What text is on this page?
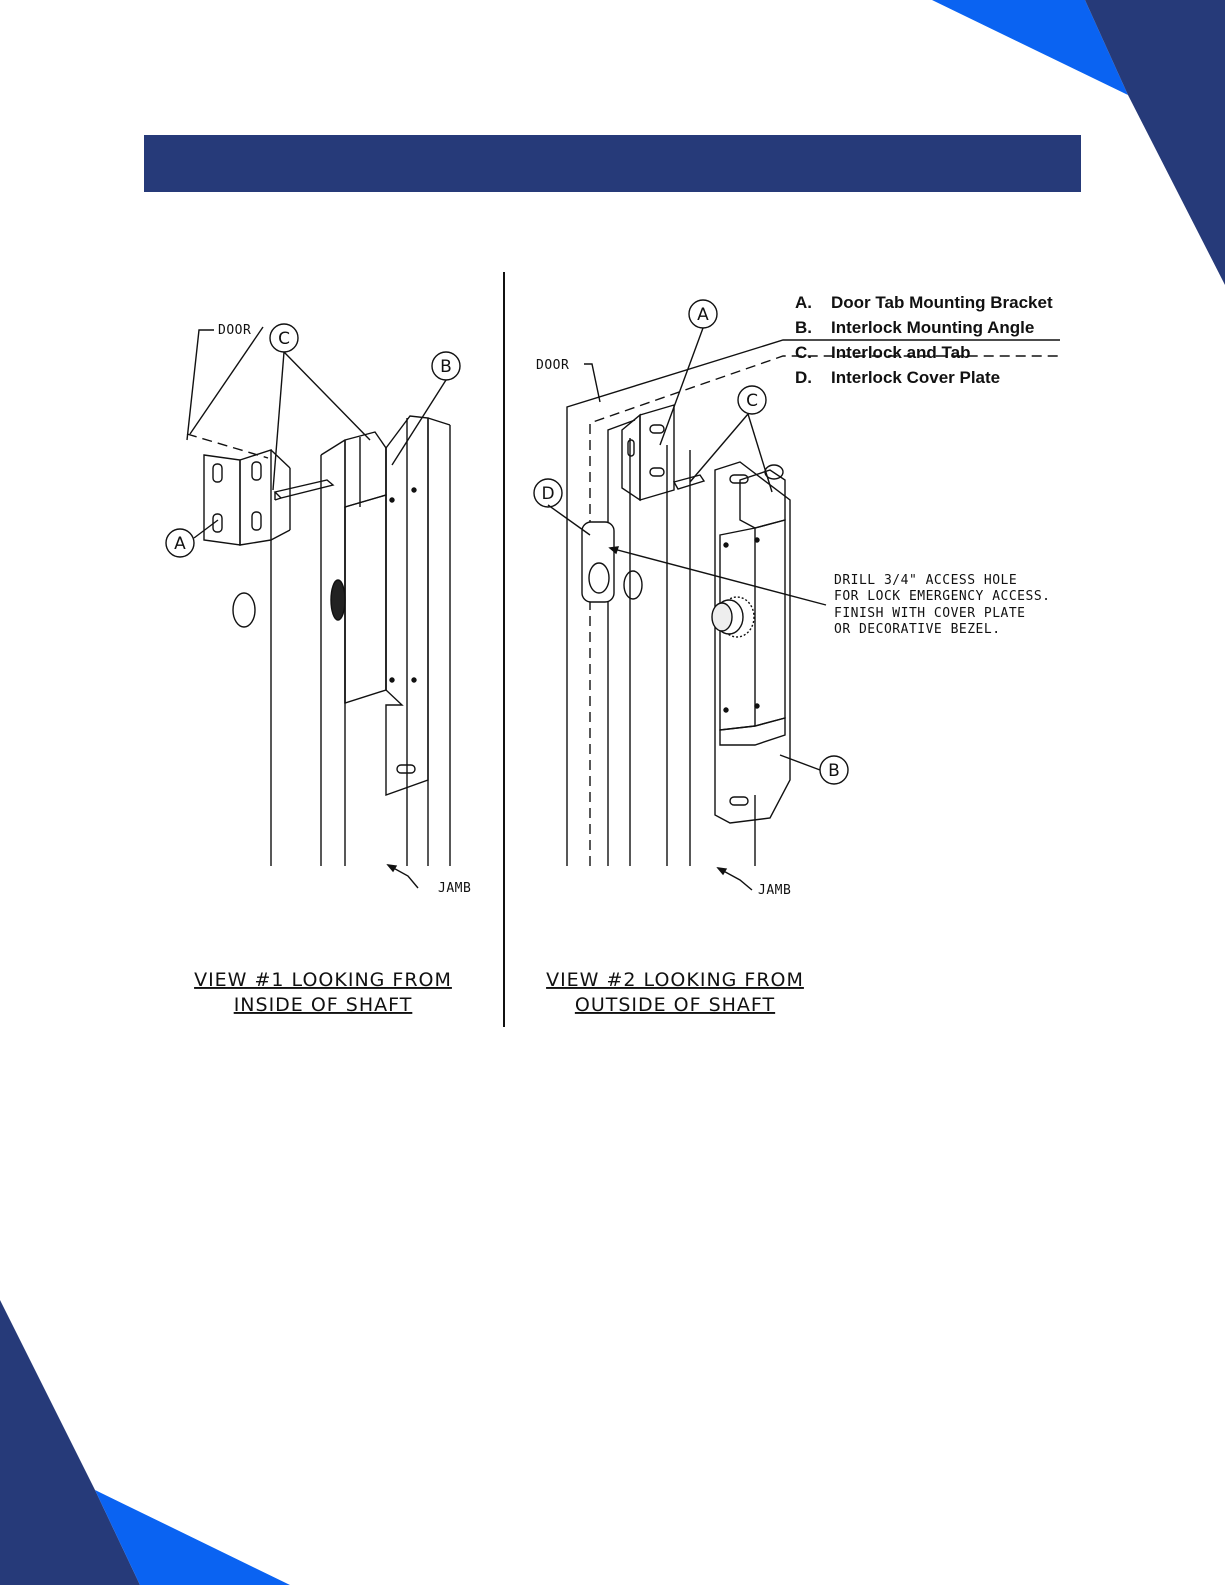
C
B
A
DOOR
JAMB
VIEW #1 LOOKING FROM
INSIDE OF SHAFT
A
C
D
B
DOOR
JAMB
DRILL 3/4" ACCESS HOLE
FOR LOCK EMERGENCY ACCESS.
FINISH WITH COVER PLATE
OR DECORATIVE BEZEL.
VIEW #2 LOOKING FROM
OUTSIDE OF SHAFT
A. Door Tab Mounting Bracket
B. Interlock Mounting Angle
C. Interlock and Tab
D. Interlock Cover Plate
